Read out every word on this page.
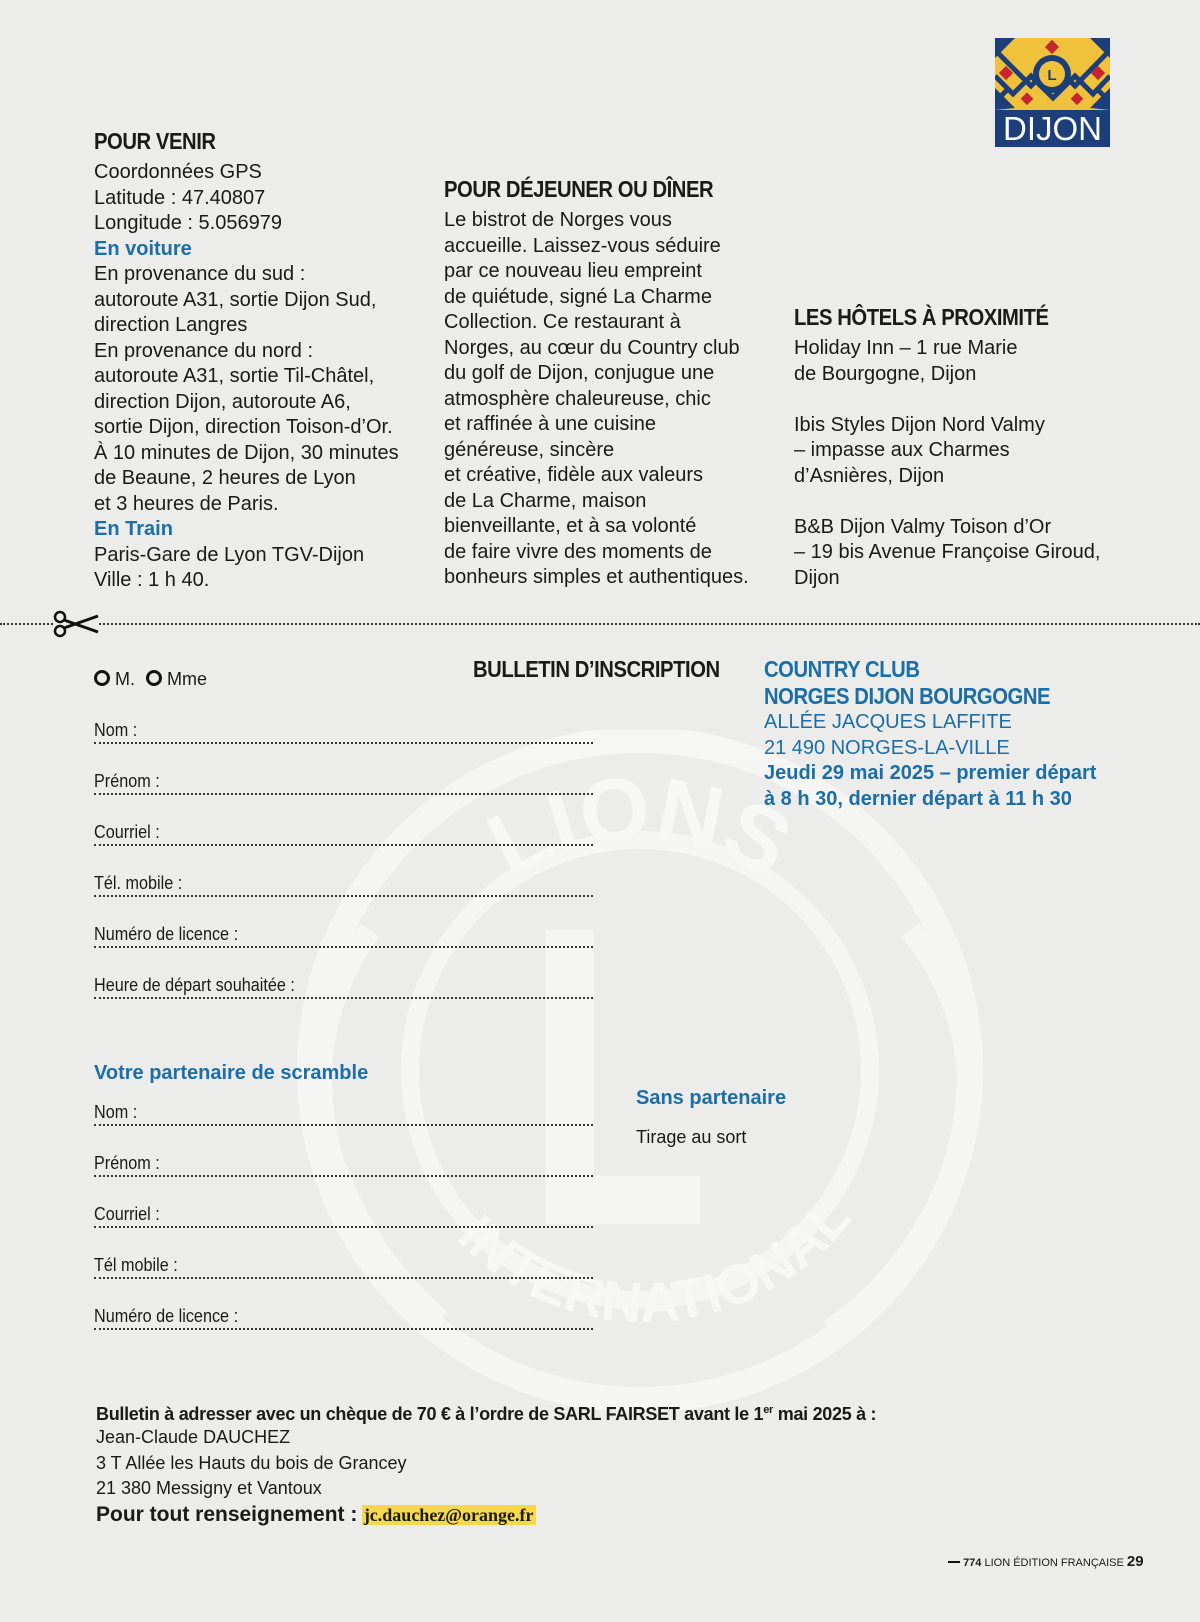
LIONS
INTERNATIONAL
L
DIJON
POUR VENIR
Coordonnées GPS
Latitude : 47.40807
Longitude : 5.056979
En voiture
En provenance du sud :
autoroute A31, sortie Dijon Sud,
direction Langres
En provenance du nord :
autoroute A31, sortie Til-Châtel,
direction Dijon, autoroute A6,
sortie Dijon, direction Toison-d’Or.
À 10 minutes de Dijon, 30 minutes
de Beaune, 2 heures de Lyon
et 3 heures de Paris.
En Train
Paris-Gare de Lyon TGV-Dijon
Ville : 1 h 40.
POUR DÉJEUNER OU DÎNER
Le bistrot de Norges vous
accueille. Laissez-vous séduire
par ce nouveau lieu empreint
de quiétude, signé La Charme
Collection. Ce restaurant à
Norges, au cœur du Country club
du golf de Dijon, conjugue une
atmosphère chaleureuse, chic
et raffinée à une cuisine
généreuse, sincère
et créative, fidèle aux valeurs
de La Charme, maison
bienveillante, et à sa volonté
de faire vivre des moments de
bonheurs simples et authentiques.
LES HÔTELS À PROXIMITÉ
Holiday Inn – 1 rue Marie
de Bourgogne, Dijon
Ibis Styles Dijon Nord Valmy
– impasse aux Charmes
d’Asnières, Dijon
B&B Dijon Valmy Toison d’Or
– 19 bis Avenue Françoise Giroud,
Dijon
M. Mme	BULLETIN D’INSCRIPTION
Nom :
Prénom :
Courriel :
Tél. mobile :
Numéro de licence :
Heure de départ souhaitée :
Votre partenaire de scramble
Nom :
Prénom :
Courriel :
Tél mobile :
Numéro de licence :
Sans partenaire
Tirage au sort
COUNTRY CLUB
NORGES DIJON BOURGOGNE
ALLÉE JACQUES LAFFITE
21 490 NORGES-LA-VILLE
Jeudi 29 mai 2025 – premier départ
à 8 h 30, dernier départ à 11 h 30
Bulletin à adresser avec un chèque de 70 € à l’ordre de SARL FAIRSET avant le 1er mai 2025 à :
Jean-Claude DAUCHEZ
3 T Allée les Hauts du bois de Grancey
21 380 Messigny et Vantoux
Pour tout renseignement : jc.dauchez@orange.fr
774 LION ÉDITION FRANÇAISE 29
